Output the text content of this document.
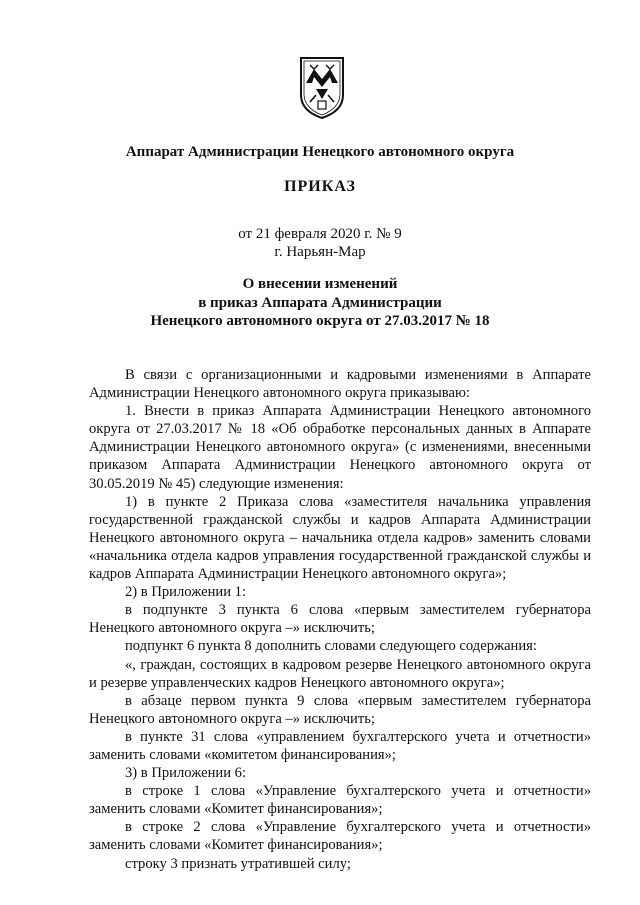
Аппарат Администрации Ненецкого автономного округа
ПРИКАЗ
от 21 февраля 2020 г. № 9
г. Нарьян-Мар
О внесении изменений
в приказ Аппарата Администрации
Ненецкого автономного округа от 27.03.2017 № 18

В связи с организационными и кадровыми изменениями в Аппарате Администрации Ненецкого автономного округа приказываю:

1. Внести в приказ Аппарата Администрации Ненецкого автономного округа от 27.03.2017 № 18 «Об обработке персональных данных в Аппарате Администрации Ненецкого автономного округа» (с изменениями, внесенными приказом Аппарата Администрации Ненецкого автономного округа от 30.05.2019 № 45) следующие изменения:

1) в пункте 2 Приказа слова «заместителя начальника управления государственной гражданской службы и кадров Аппарата Администрации Ненецкого автономного округа – начальника отдела кадров» заменить словами «начальника отдела кадров управления государственной гражданской службы и кадров Аппарата Администрации Ненецкого автономного округа»;

2) в Приложении 1:

в подпункте 3 пункта 6 слова «первым заместителем губернатора Ненецкого автономного округа –» исключить;

подпункт 6 пункта 8 дополнить словами следующего содержания:

«, граждан, состоящих в кадровом резерве Ненецкого автономного округа и резерве управленческих кадров Ненецкого автономного округа»;

в абзаце первом пункта 9 слова «первым заместителем губернатора Ненецкого автономного округа –» исключить;

в пункте 31 слова «управлением бухгалтерского учета и отчетности» заменить словами «комитетом финансирования»;

3) в Приложении 6:

в строке 1 слова «Управление бухгалтерского учета и отчетности» заменить словами «Комитет финансирования»;

в строке 2 слова «Управление бухгалтерского учета и отчетности» заменить словами «Комитет финансирования»;

строку 3 признать утратившей силу;
